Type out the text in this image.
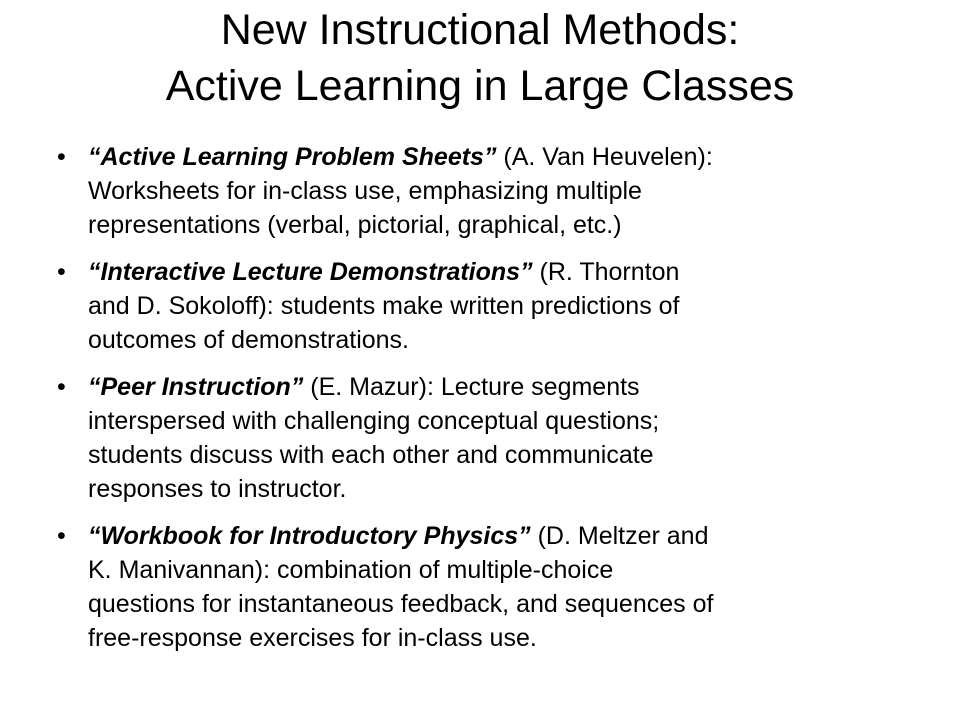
New Instructional Methods:
Active Learning in Large Classes
• “Active Learning Problem Sheets” (A. Van Heuvelen):
Worksheets for in-class use, emphasizing multiple
representations (verbal, pictorial, graphical, etc.)
• “Interactive Lecture Demonstrations” (R. Thornton
and D. Sokoloff): students make written predictions of
outcomes of demonstrations.
• “Peer Instruction” (E. Mazur): Lecture segments
interspersed with challenging conceptual questions;
students discuss with each other and communicate
responses to instructor.
• “Workbook for Introductory Physics” (D. Meltzer and
K. Manivannan): combination of multiple-choice
questions for instantaneous feedback, and sequences of
free-response exercises for in-class use.
